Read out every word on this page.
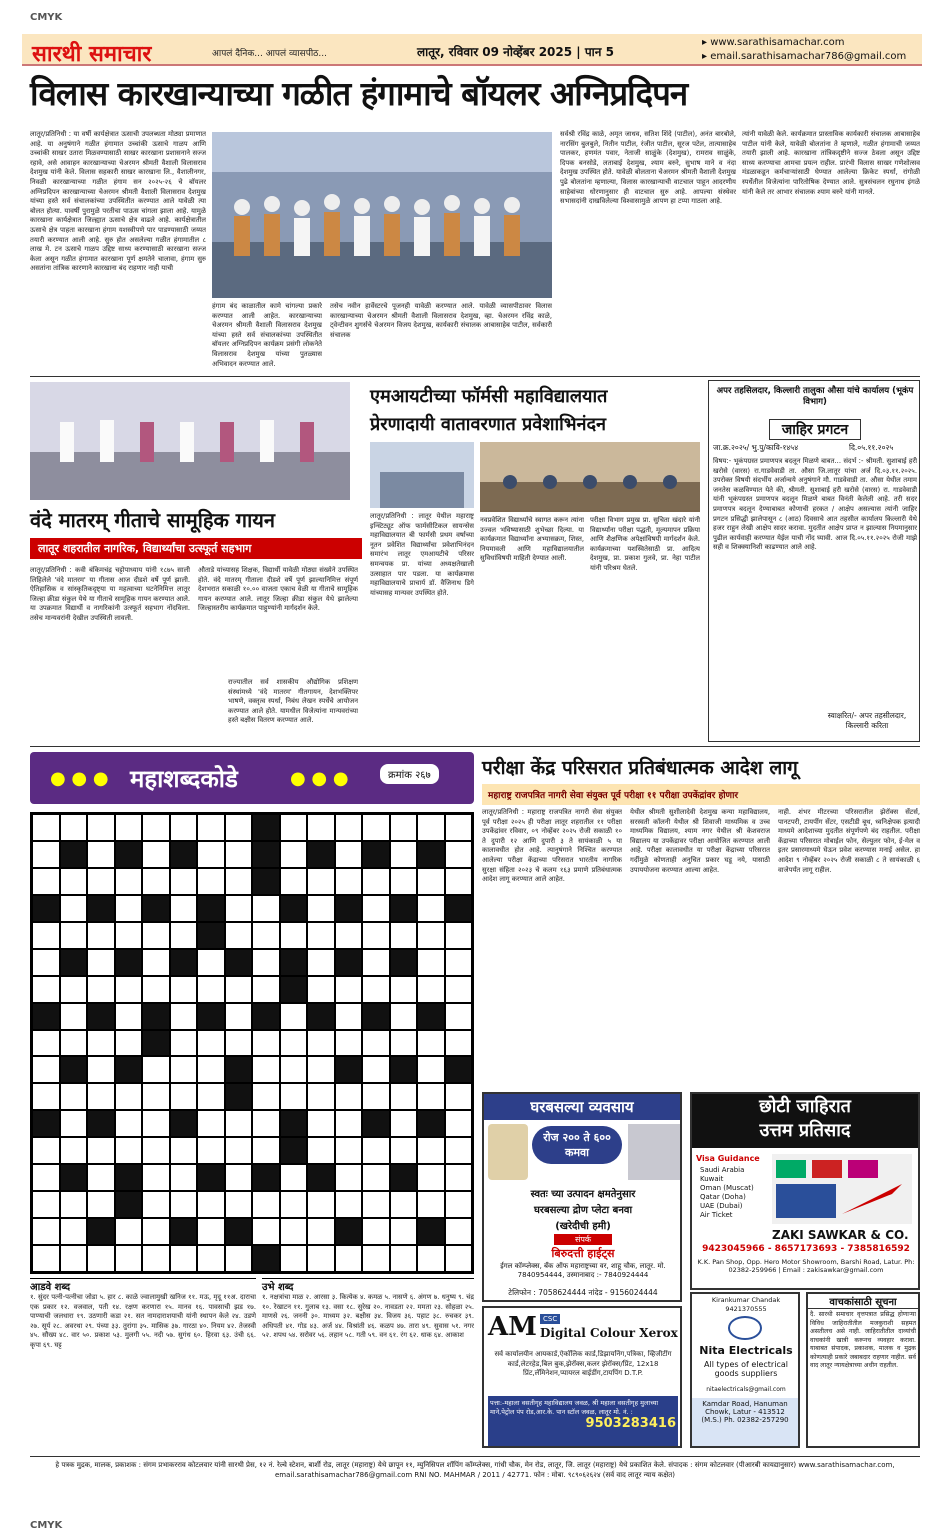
CMYK
CMYK
सारथी समाचार	आपलं दैनिक... आपलं व्यासपीठ...	लातूर, रविवार 09 नोव्हेंबर 2025 | पान 5
▸ www.sarathisamachar.com
▸ email.sarathisamachar786@gmail.com
विलास कारखान्याच्या गळीत हंगामाचे बॉयलर अग्निप्रदिपन
लातूर/प्रतिनिधी : या वर्षी कार्यक्षेत्रात ऊसाची उपलब्धता मोठ्या प्रमाणात आहे. या अनुषंगाने गळीत हंगामात उच्चांकी ऊसाचे गाळप आणि उच्चांकी साखर उतारा मिळवण्यासाठी साखर कारखाना प्रशासनाने सज्ज रहावे, असे आवाहन कारखान्याच्या चेअरमन श्रीमती वैशाली विलासराव देशमुख यांनी केले. विलास सहकारी साखर कारखाना लि., वैशालीनगर, निवळी कारखान्याच्या गळीत हंगाम सन २०२५-२६ चे बॉयलर अग्निप्रदिपन कारखान्याच्या चेअरमन श्रीमती वैशाली विलासराव देशमुख यांच्या हस्ते सर्व संचालकांच्या उपस्थितीत करण्यात आले यावेळी त्या बोलत होत्या. यावर्षी पुरामुळे परतीचा पाऊस चांगला झाला आहे. यामुळे कारखाना कार्यक्षेत्रात जिल्ह्यात ऊसाचे क्षेत्र वाढले आहे. कार्यक्षेत्रातील ऊसाचे क्षेत्र पाहता कारखाना हंगाम यशस्वीपणे पार पाडण्यासाठी जय्यत तयारी करण्यात आली आहे. सुरु होत असलेल्या गळीत हंगामातील ८ लाख मे. टन ऊसाचे गाळप उद्दिष्ट साध्य करण्यासाठी कारखाना सज्ज केला असून गळीत हंगामात कारखाना पूर्ण क्षमतेने चालावा, हंगाम सुरु असतांना तांत्रिक कारणाने कारखाना बंद राहणार नाही याची
हंगाम बंद काळातील कामे चांगल्या प्रकारे करण्यात आली आहेत. कारखान्याच्या चेअरमन श्रीमती वैशाली विलासराव देशमुख यांच्या हस्ते सर्व संचालकांच्या उपस्थितीत बॉयलर अग्निप्रदिपन कार्यक्रम प्रसंगी लोकनेते विलासराव देशमुख यांच्या पुतळ्यास अभिवादन करण्यात आले.
तसेच नवीन हार्वेस्टरचे पूजनही यावेळी करण्यात आले. यावेळी व्यासपीठावर विलास कारखान्याच्या चेअरमन श्रीमती वैशाली विलासराव देशमुख, व्हा. चेअरमन रविंद्र काळे, ट्वेन्टीवन शुगर्सचे चेअरमन विजय देशमुख, कार्यकारी संचालक आबासाहेब पाटील, सर्वकारी संचालक
सर्वश्री रविंद्र काळे, अमृत जाधव, सतिश शिंदे (पाटील), अनंत बारबोले, नारसिंग बुलबुले, नितीन पाटील, रंजीत पाटील, सूरज पटेल, तात्यासाहेब पालकर, हणमंत पवार, नेताजी साळुंके (देशमुख), रामराव साळुंके, दिपक बनसोडे, लताबाई देशमुख, श्याम बरुरे, सुभाष माने व नंदा देशमुख उपस्थित होते. यावेळी बोलताना चेअरमन श्रीमती वैशाली देशमुख पुढे बोलतांना म्हणाल्या, विलास कारखान्याची वाटचाल पाहून आदरणीय साहेबांच्या धोरणानुसार ही वाटचाल सुरु आहे. आपल्या संस्थेवर सभासदांनी दाखविलेल्या विश्वासामुळे आपण हा टप्पा गाठला आहे.
त्यांनी यावेळी केले. कार्यक्रमात प्रास्ताविक कार्यकारी संचालक आबासाहेब पाटील यांनी केले, यावेळी बोलतांना ते म्हणाले, गळीत हंगामाची जय्यत तयारी झाली आहे. कारखाना तांत्रिकदृष्टीने सज्ज ठेवला असून उद्दिष्ट साध्य करण्याचा आमचा प्रयत्न राहील. प्रारंभी विलास साखर गणेशोत्सव मंडळाकडून कर्मचाऱ्यांसाठी घेण्यात आलेल्या क्रिकेट स्पर्धा, रांगोळी स्पर्धेतील विजेत्यांना पारितोषिक देण्यात आले. सुत्रसंचलन रघुनाथ इंगळे यांनी केले तर आभार संचालक श्याम बरुरे यांनी मानले.
वंदे मातरम् गीताचे सामूहिक गायन
लातूर शहरातील नागरिक, विद्यार्थ्यांचा उत्स्फूर्त सहभाग
लातूर/प्रतिनिधी : कवी बंकिमचंद्र चट्टोपाध्याय यांनी १८७५ साली लिहिलेले 'वंदे मातरम' या गीतास आज दीडशे वर्षे पूर्ण झाली. ऐतिहासिक व सांस्कृतिकदृष्ट्या या महत्वाच्या घटनेनिमित्त लातूर जिल्हा क्रीडा संकुल येथे या गीताचे सामूहिक गायन करण्यात आले. या उपक्रमात विद्यार्थी व नागरिकांनी उत्स्फूर्त सहभाग नोंदविला. तसेच मान्यवरांनी देखील उपस्थिती लावली.
औताडे यांच्यासह शिक्षक, विद्यार्थी यावेळी मोठ्या संख्येने उपस्थित होते. वंदे मातरम् गीताला दीडशे वर्षे पूर्ण झाल्यानिमित्त संपूर्ण देशभरात सकाळी १०.०० वाजता एकाच वेळी या गीताचे सामूहिक गायन करण्यात आले. लातूर जिल्हा क्रीडा संकुल येथे झालेल्या जिल्हास्तरीय कार्यक्रमात पाहुण्यांनी मार्गदर्शन केले.
राज्यातील सर्व शासकीय औद्योगिक प्रशिक्षण संस्थांमध्ये 'वंदे मातरम' गीतगायन, देशभक्तिपर भाषणे, वक्तृत्व स्पर्धा, निबंध लेखन स्पर्धेचे आयोजन करण्यात आले होते. यामधील विजेत्यांना मान्यवरांच्या हस्ते बक्षीस वितरण करण्यात आले.
एमआयटीच्या फॉर्मसी महाविद्यालयात
प्रेरणादायी वातावरणात प्रवेशाभिनंदन
लातूर/प्रतिनिधी : लातूर येथील महाराष्ट्र इन्स्टिट्यूट ऑफ फार्मसीटिकल सायन्सेस महाविद्यालयात बी फार्मसी प्रथम वर्षाच्या नूतन प्रवेशित विद्यार्थ्यांचा प्रवेशाभिनंदन समारंभ लातूर एमआयटीचे परिसर समन्वयक प्रा. यांच्या अध्यक्षतेखाली उत्साहात पार पडला. या कार्यक्रमास महाविद्यालयाचे प्राचार्य डॉ. वैजिनाथ डिगे यांच्यासह मान्यवर उपस्थित होते.
नवप्रवेशित विद्यार्थ्यांचे स्वागत करून त्यांना उज्वल भविष्यासाठी शुभेच्छा दिल्या. या कार्यक्रमात विद्यार्थ्यांना अभ्यासक्रम, शिस्त, नियमावली आणि महाविद्यालयातील सुविधांविषयी माहिती देण्यात आली.
परीक्षा विभाग प्रमुख प्रा. सुचिता खंदारे यांनी विद्यार्थ्यांना परीक्षा पद्धती, मूल्यमापन प्रक्रिया आणि शैक्षणिक अपेक्षांविषयी मार्गदर्शन केले. कार्यक्रमाच्या यशस्वितेसाठी प्रा. आदित्य देशमुख, प्रा. प्रकाश गुलवे, प्रा. नेहा पाटील यांनी परिश्रम घेतले.
अपर तहसिलदार, किल्लारी तालुका औसा यांचे कार्यालय (भूकंप विभाग)
जाहिर प्रगटन
जा.क्र.२०२५/ भु.पु/कावि-१४५४	दि.०५.११.२०२५
विषय:- भूकंपग्रस्त प्रमाणपत्र बदलून मिळणे बाबत... संदर्भ :- श्रीमती. सुशाबाई हरी खरोसे (वारस) रा.गाडवेवाडी ता. औसा जि.लातूर यांचा अर्ज दि.०३.११.२०२५. उपरोक्त विषयी संदर्भीय अर्जान्वये अनुषंगाने मौ. गाडवेवाडी ता. औसा येथील तमाम जनतेस कळविण्यात येते की, श्रीमती. सुशाबाई हरी खरोसे (वारस) रा. गाडवेवाडी यांनी भूकंपग्रस्त प्रमाणपत्र बदलून मिळणे बाबत विनंती केलेली आहे. तरी सदर प्रमाणपत्र बदलून देण्याबाबत कोणाची हरकत / आक्षेप असल्यास त्यांनी जाहिर प्रगटन प्रसिद्धी झालेपासून ८ (आठ) दिवसाचे आत तहसील कार्यालय किल्लारी येथे हजर राहुन लेखी आक्षेप सादर करावा. मुदतीत आक्षेप प्राप्त न झाल्यास नियमानुसार पुढील कार्यवाही करण्यात येईल याची नोंद घ्यावी. आज दि.०५.११.२०२५ रोजी माझे सही व शिक्क्यानिशी काढण्यात आले आहे.
स्वाक्षरित/- अपर तहसीलदार, किल्लारी करिता
● ● ● महाशब्दकोडे	● ● ●	क्रमांक २६७
आडवे शब्द
१. सुंदर पत्नी-पत्नीचा जोडा ५. हार ८. काळे ज्वालामुखी खनिज ११. मऊ, मृदू ११अ. दाराचा एक प्रकार १२. वजवाल, पती १४. रक्षण करणारा १५. मानव १६. पावसाची झड १७. पाण्याची जलधारा १९. उठणारी कडा २१. सत नामदाराशयाची यांनी स्थापन केले २४. उडणे २७. सूर्य २८. अवरथा २९. पंच्या ३३. तुरांगा ३५. मासिक ३७. गारठा ४०. नियम ४२. तेजस्वी ४५. सौख्य ४८. वार ५०. प्रकाश ५३. मुलगी ५५. नदी ५७. सुगंध ६०. हिरवा ६३. उंची ६६. कृपा ६९. घट्ट
उभे शब्द
१. नक्षत्रांचा माळ २. आरसा ३. कित्येक ४. कमळ ५. नासणे ६. अंगण ७. धनुष्य ९. चंद्र १०. रेखाटन ११. गुलाब १३. वसा १८. सुरेख २०. नावडता २२. ममता २३. सोहळा २५. माणसे २६. जननी ३०. माध्यम ३२. बक्षीस ३४. विजय ३६. पहाट ३८. रुचकर ३९. अधिपती ४१. गोड ४३. अर्ज ४४. विश्रांती ४६. कळप ४७. तारा ४९. सुवास ५१. नगर ५२. शपथ ५४. सरोवर ५६. लहान ५८. गती ५९. वन ६१. रंग ६२. धाक ६४. आकाश
परीक्षा केंद्र परिसरात प्रतिबंधात्मक आदेश लागू
महाराष्ट्र राजपत्रित नागरी सेवा संयुक्त पूर्व परीक्षा ११ परीक्षा उपकेंद्रांवर होणार
लातूर/प्रतिनिधी : महाराष्ट्र राजपत्रित नागरी सेवा संयुक्त पूर्व परीक्षा २०२५ ही परीक्षा लातूर शहरातील ११ परीक्षा उपकेंद्रांवर रविवार, ०९ नोव्हेंबर २०२५ रोजी सकाळी १० ते दुपारी १२ आणि दुपारी ३ ते सायंकाळी ५ या कालावधीत होत आहे. त्यानुषंगाने निश्चित करण्यात आलेल्या परीक्षा केंद्राच्या परिसरात भारतीय नागरिक सुरक्षा संहिता २०२३ चे कलम १६३ प्रमाणे प्रतिबंधात्मक आदेश लागू करण्यात आले आहेत.
येथील श्रीमती सुशीलादेवी देशमुख कन्या महाविद्यालय, सरस्वती कॉलनी येथील श्री शिवाजी माध्यमिक व उच्च माध्यमिक विद्यालय, श्याम नगर येथील श्री केशवराज विद्यालय या उपकेंद्रावर परीक्षा आयोजित करण्यात आली आहे. परीक्षा कालावधीत या परीक्षा केंद्राच्या परिसरात गर्दीमुळे कोणताही अनुचित प्रकार घडू नये, यासाठी उपाययोजना करण्यात आल्या आहेत.
नाही. शंभर मीटरच्या परिसरातील झेरॉक्स सेंटर्स, पानटपरी, टायपींग सेंटर, एसटीडी बूथ, ध्वनिक्षेपक इत्यादी माध्यमे आदेशाच्या मुदतीत संपूर्णपणे बंद राहतील. परीक्षा केंद्राच्या परिसरात मोबाईल फोन, सेल्युलर फोन, ई-मेल व इतर प्रसारमाध्यमे घेऊन प्रवेश करण्यास मनाई असेल. हा आदेश ९ नोव्हेंबर २०२५ रोजी सकाळी ८ ते सायंकाळी ६ वाजेपर्यंत लागू राहील.
घरबसल्या व्यवसाय
रोज २०० ते ६०० कमवा
स्वतः च्या उत्पादन क्षमतेनुसार
घरबसल्या द्रोण प्लेटा बनवा
(खरेदीची हमी)
संपर्क
बिरुदत्ती हाईट्स
ईगल कॉम्प्लेक्स, बँक ऑफ महाराष्ट्रच्या वर, शाहू चौक, लातूर. मो. 7840954444, उस्मानाबाद :- 7840924444
टेलिफोन : 7058624444 नांदेड - 9156024444
छोटी जाहिरात
उत्तम प्रतिसाद
Visa Guidance
Saudi Arabia
Kuwait
Oman (Muscat)
Qatar (Doha)
UAE (Dubai)
Air Ticket
ZAKI SAWKAR & CO.
9423045966 - 8657173693 - 7385816592
K.K. Pan Shop, Opp. Hero Motor Showroom, Barshi Road, Latur. Ph: 02382-259966 | Email : zakisawkar@gmail.com
AM CSC
Digital Colour Xerox
सर्व कार्यालयीन आयकार्ड,ऐकॉलिक कार्ड,डिझायनिंग,पत्रिका, व्हिजीटींग कार्ड,लेटरहेड,बिल बुक,झेरॉक्स,कलर झेरॉक्स/प्रिंट, 12x18 प्रिंट,लॅमिनेशन,प्यायरल बाईडींग,टायपिंग D.T.P.
पत्ता:-महाला वसतीगृह महाविद्यालय जवळ, श्री महाला वसतीगृह मुलाच्या माने,पेट्रोल पंप रोड,आर.के. पान स्टॉल जवळ, लातूर मो. नं. :
9503283416
Kirankumar Chandak
9421370555
Nita Electricals
All types of electrical goods suppliers
nitaelectricals@gmail.com
Kamdar Road, Hanuman Chowk, Latur - 413512
(M.S.) Ph. 02382-257290
वाचकांसाठी सूचना
दै. सारथी समाचार वृत्तपत्रात प्रसिद्ध होणाऱ्या विविध जाहिरातीतील मजकुराशी सहमत असतीलच असे नाही. जाहिरातीतील दाव्यांची वाचकांनी खात्री करूनच व्यवहार करावा. याबाबत संपादक, प्रकाशक, मालक व मुद्रक कोणत्याही प्रकारे जबाबदार राहणार नाहीत. सर्व वाद लातूर न्यायक्षेत्राच्या अधीन राहतील.
हे पत्रक मुद्रक, मालक, प्रकाशक : संगम प्रभाकरराव कोटलवार यांनी सारथी प्रेस, १२ नं. रेल्वे स्टेशन, बार्शी रोड, लातूर (महाराष्ट्र) येथे छापून ११, म्युनिसिपल शॉपिंग कॉम्प्लेक्स, गांधी चौक, मेन रोड, लातूर, जि. लातूर (महाराष्ट्र) येथे प्रकाशित केले. संपादक : संगम कोटलवार (पीआरबी कायद्यानुसार) www.sarathisamachar.com, email.sarathisamachar786@gmail.com RNI NO. MAHMAR / 2011 / 42771. फोन : मोबा. ९८९०६२६२४ (सर्व वाद लातूर न्याय कक्षेत)
